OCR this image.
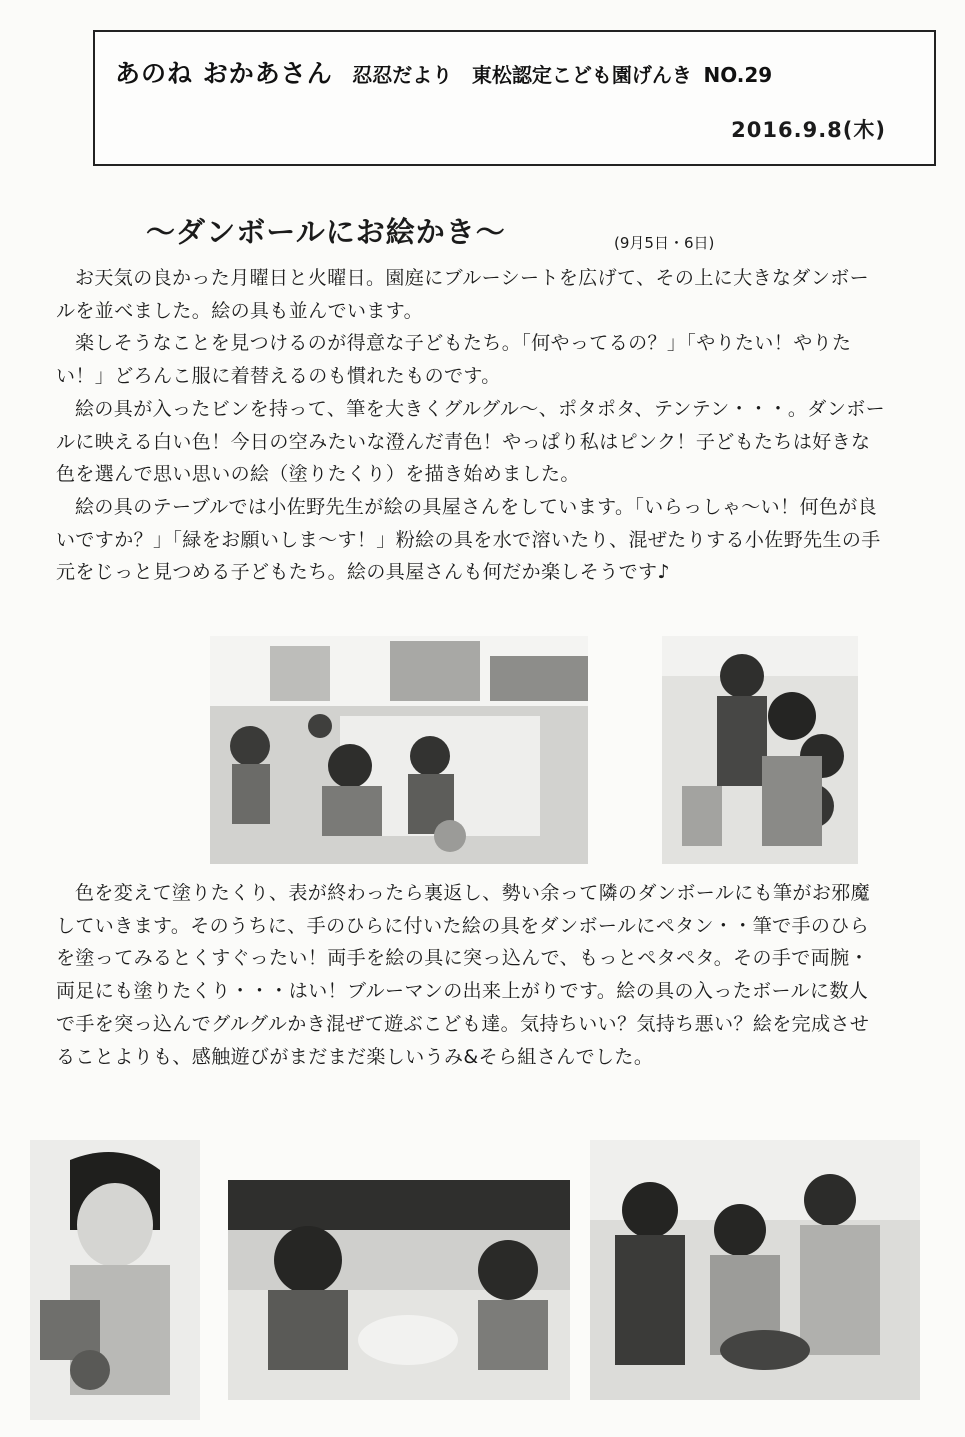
あのね おかあさん 忍忍だより 東松認定こども園げんき NO.29
2016.9.8(木)
〜ダンボールにお絵かき〜	(9月5日・6日)

お天気の良かった月曜日と火曜日。園庭にブルーシートを広げて、その上に大きなダンボールを並べました。絵の具も並んでいます。

楽しそうなことを見つけるのが得意な子どもたち。「何やってるの？」「やりたい！やりたい！」どろんこ服に着替えるのも慣れたものです。

絵の具が入ったビンを持って、筆を大きくグルグル〜、ポタポタ、テンテン・・・。ダンボールに映える白い色！今日の空みたいな澄んだ青色！やっぱり私はピンク！子どもたちは好きな色を選んで思い思いの絵（塗りたくり）を描き始めました。

絵の具のテーブルでは小佐野先生が絵の具屋さんをしています。「いらっしゃ〜い！何色が良いですか？」「緑をお願いしま〜す！」粉絵の具を水で溶いたり、混ぜたりする小佐野先生の手元をじっと見つめる子どもたち。絵の具屋さんも何だか楽しそうです♪

色を変えて塗りたくり、表が終わったら裏返し、勢い余って隣のダンボールにも筆がお邪魔していきます。そのうちに、手のひらに付いた絵の具をダンボールにペタン・・筆で手のひらを塗ってみるとくすぐったい！両手を絵の具に突っ込んで、もっとペタペタ。その手で両腕・両足にも塗りたくり・・・はい！ブルーマンの出来上がりです。絵の具の入ったボールに数人で手を突っ込んでグルグルかき混ぜて遊ぶこども達。気持ちいい？気持ち悪い？絵を完成させることよりも、感触遊びがまだまだ楽しいうみ&そら組さんでした。
